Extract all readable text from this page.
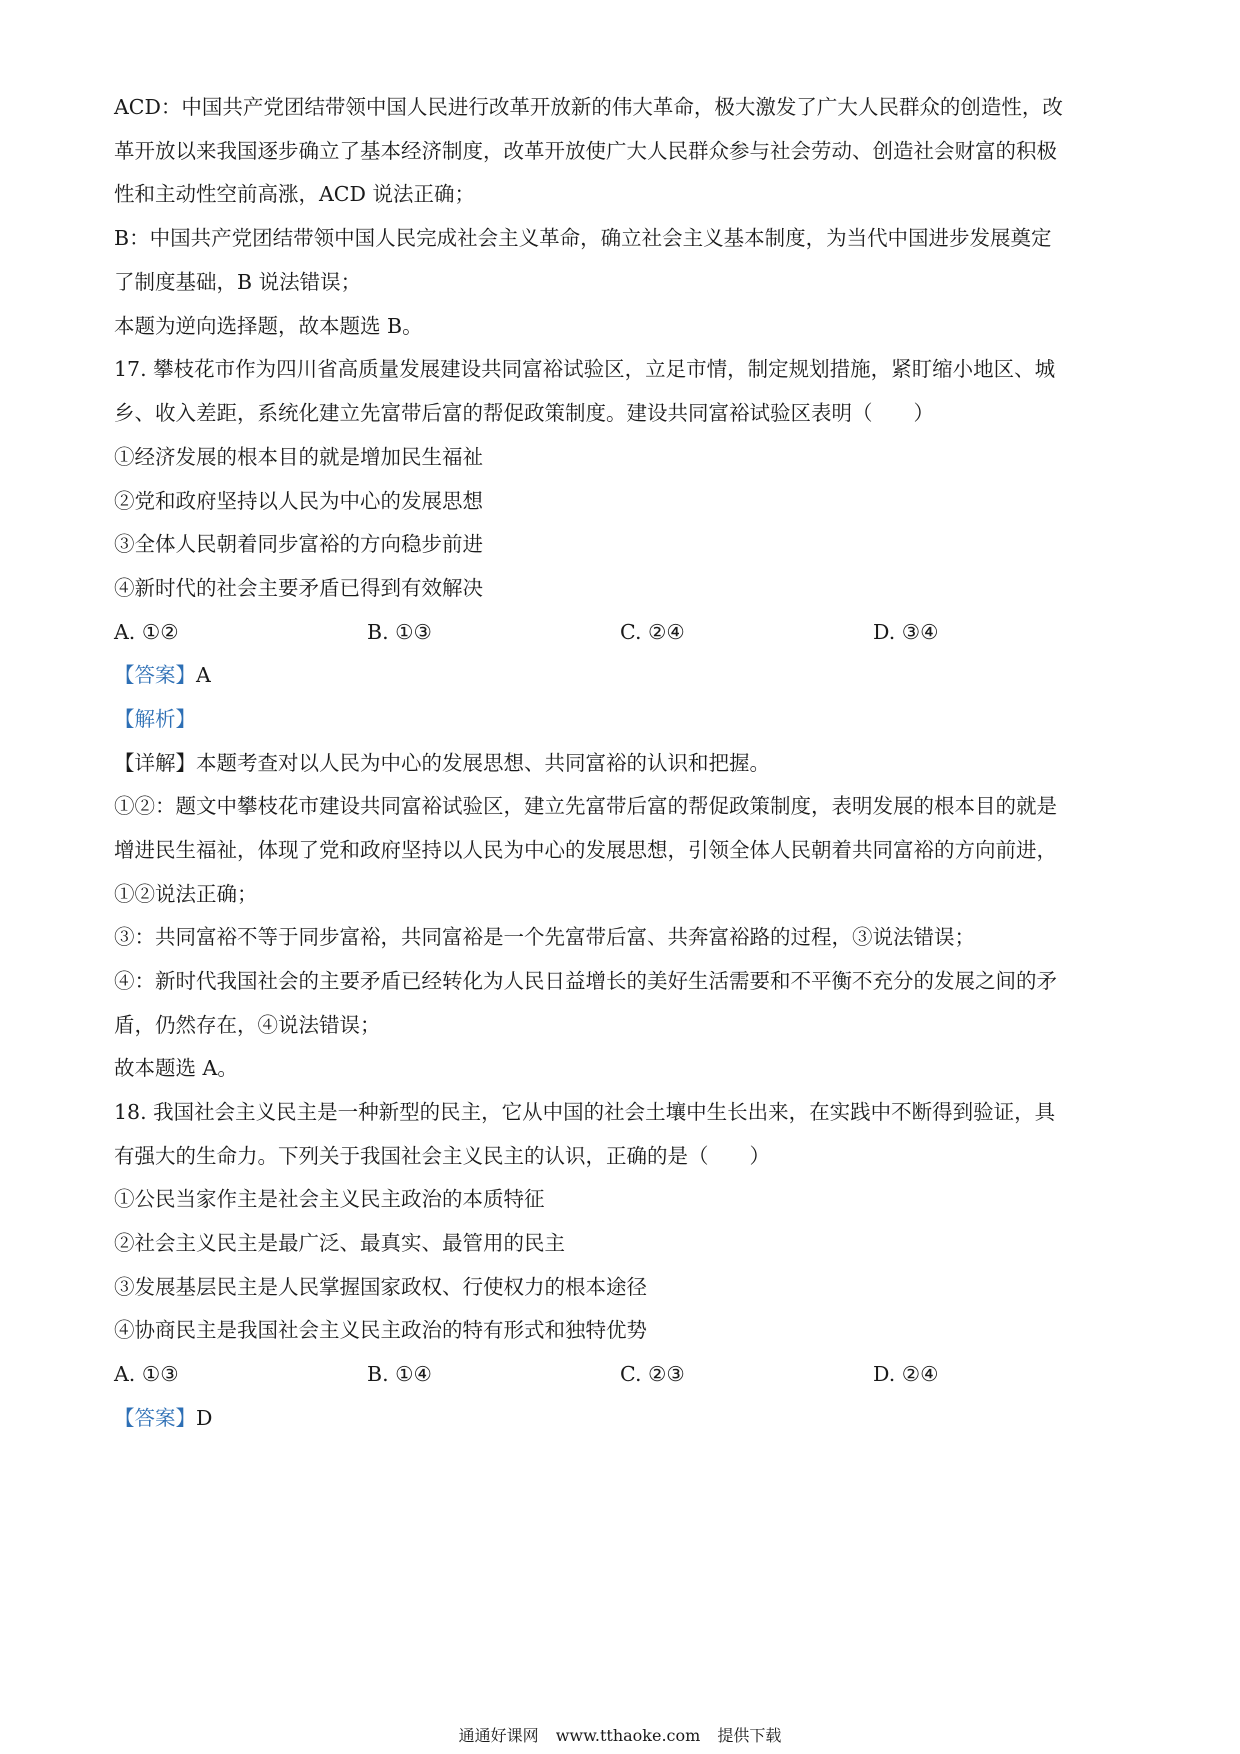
ACD：中国共产党团结带领中国人民进行改革开放新的伟大革命，极大激发了广大人民群众的创造性，改
革开放以来我国逐步确立了基本经济制度，改革开放使广大人民群众参与社会劳动、创造社会财富的积极
性和主动性空前高涨，ACD 说法正确；
B：中国共产党团结带领中国人民完成社会主义革命，确立社会主义基本制度，为当代中国进步发展奠定
了制度基础，B 说法错误；
本题为逆向选择题，故本题选 B。
17. 攀枝花市作为四川省高质量发展建设共同富裕试验区，立足市情，制定规划措施，紧盯缩小地区、城
乡、收入差距，系统化建立先富带后富的帮促政策制度。建设共同富裕试验区表明（　　）
①经济发展的根本目的就是增加民生福祉
②党和政府坚持以人民为中心的发展思想
③全体人民朝着同步富裕的方向稳步前进
④新时代的社会主要矛盾已得到有效解决
A. ①②	B. ①③	C. ②④	D. ③④
【答案】A
【解析】
【详解】本题考查对以人民为中心的发展思想、共同富裕的认识和把握。
①②：题文中攀枝花市建设共同富裕试验区，建立先富带后富的帮促政策制度，表明发展的根本目的就是
增进民生福祉，体现了党和政府坚持以人民为中心的发展思想，引领全体人民朝着共同富裕的方向前进，
①②说法正确；
③：共同富裕不等于同步富裕，共同富裕是一个先富带后富、共奔富裕路的过程，③说法错误；
④：新时代我国社会的主要矛盾已经转化为人民日益增长的美好生活需要和不平衡不充分的发展之间的矛
盾，仍然存在，④说法错误；
故本题选 A。
18. 我国社会主义民主是一种新型的民主，它从中国的社会土壤中生长出来，在实践中不断得到验证，具
有强大的生命力。下列关于我国社会主义民主的认识，正确的是（　　）
①公民当家作主是社会主义民主政治的本质特征
②社会主义民主是最广泛、最真实、最管用的民主
③发展基层民主是人民掌握国家政权、行使权力的根本途径
④协商民主是我国社会主义民主政治的特有形式和独特优势
A. ①③	B. ①④	C. ②③	D. ②④
【答案】D
通通好课网 www.tthaoke.com 提供下载
